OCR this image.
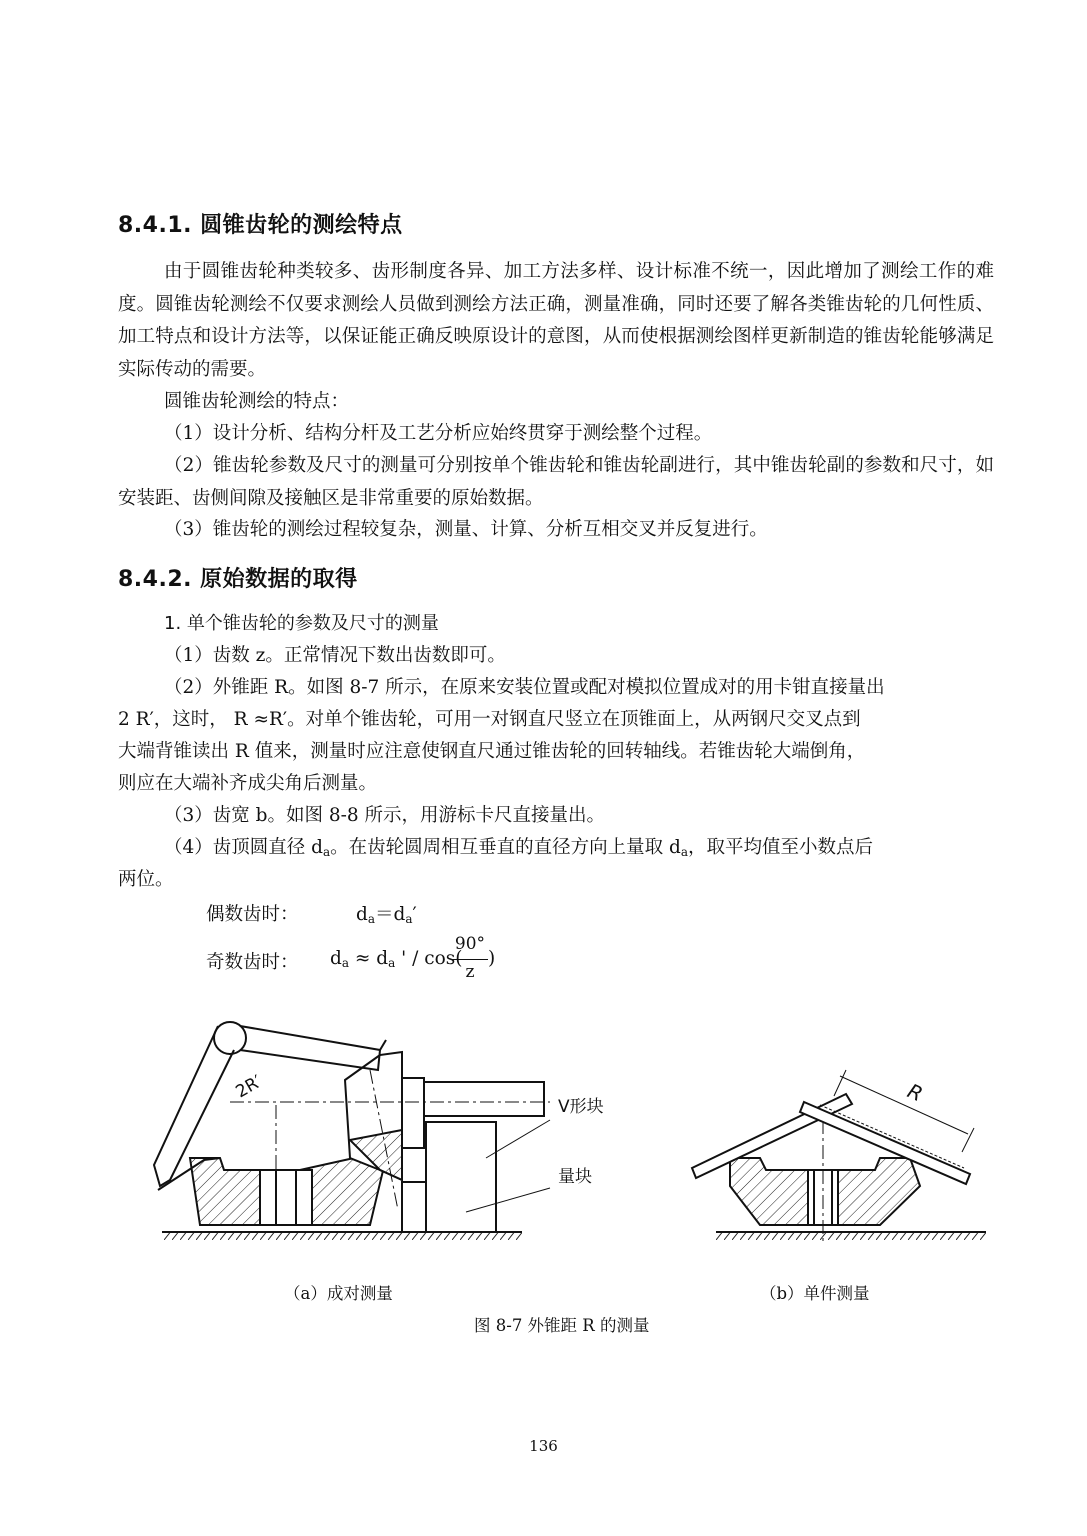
8.4.1. 圆锥齿轮的测绘特点

由于圆锥齿轮种类较多、齿形制度各异、加工方法多样、设计标准不统一，因此增加了测绘工作的难度。圆锥齿轮测绘不仅要求测绘人员做到测绘方法正确，测量准确，同时还要了解各类锥齿轮的几何性质、加工特点和设计方法等，以保证能正确反映原设计的意图，从而使根据测绘图样更新制造的锥齿轮能够满足实际传动的需要。

圆锥齿轮测绘的特点：
（1）设计分析、结构分杆及工艺分析应始终贯穿于测绘整个过程。

（2）锥齿轮参数及尺寸的测量可分别按单个锥齿轮和锥齿轮副进行，其中锥齿轮副的参数和尺寸，如安装距、齿侧间隙及接触区是非常重要的原始数据。

（3）锥齿轮的测绘过程较复杂，测量、计算、分析互相交叉并反复进行。
8.4.2. 原始数据的取得
1. 单个锥齿轮的参数及尺寸的测量
（1）齿数 z。正常情况下数出齿数即可。
（2）外锥距 R。如图 8-7 所示，在原来安装位置或配对模拟位置成对的用卡钳直接量出
2 R′，这时， R ≈R′。对单个锥齿轮，可用一对钢直尺竖立在顶锥面上，从两钢尺交叉点到
大端背锥读出 R 值来，测量时应注意使钢直尺通过锥齿轮的回转轴线。若锥齿轮大端倒角，
则应在大端补齐成尖角后测量。
（3）齿宽 b。如图 8-8 所示，用游标卡尺直接量出。
（4）齿顶圆直径 $d_a$。在齿轮圆周相互垂直的直径方向上量取 $d_a$，取平均值至小数点后
两位。
偶数齿时：	$d_a=d_a'$
奇数齿时： $d_a \approx d_a$ ' / cos(
90°
z
)
2R′
V形块
量块
R
（a）成对测量	（b）单件测量
图 8-7 外锥距 R 的测量
136
